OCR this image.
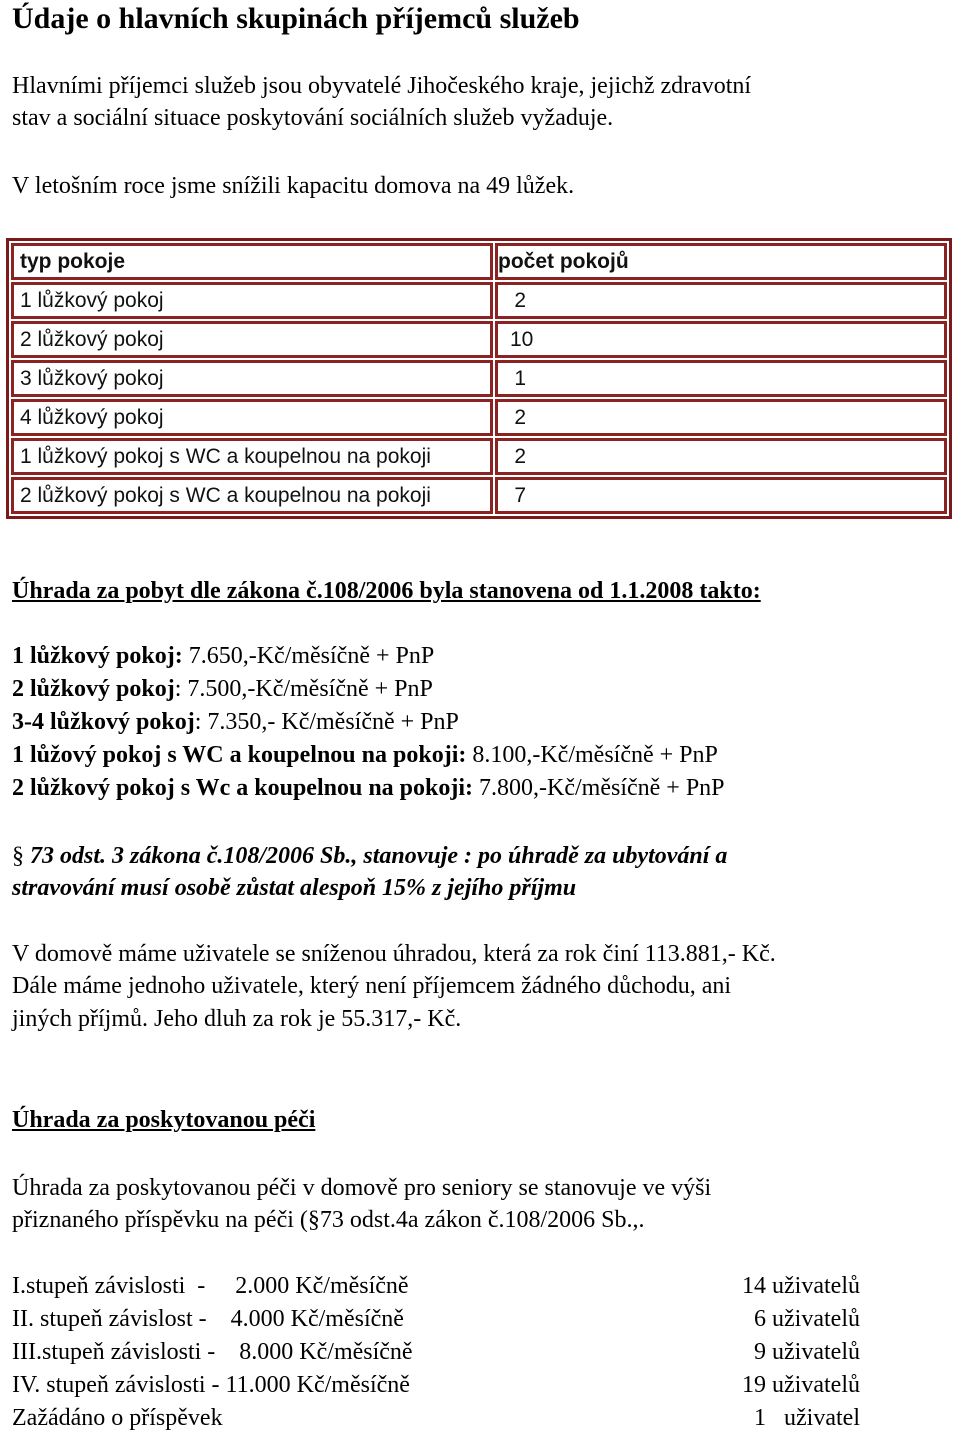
Údaje o hlavních skupinách příjemců služeb
Hlavními příjemci služeb jsou obyvatelé Jihočeského kraje, jejichž zdravotní
stav a sociální situace poskytování sociálních služeb vyžaduje.
V letošním roce jsme snížili kapacitu domova na 49 lůžek.
typ pokoje	počet pokojů
1 lůžkový pokoj	2
2 lůžkový pokoj	10
3 lůžkový pokoj	1
4 lůžkový pokoj	2
1 lůžkový pokoj s WC a koupelnou na pokoji	2
2 lůžkový pokoj s WC a koupelnou na pokoji	7
Úhrada za pobyt dle zákona č.108/2006 byla stanovena od 1.1.2008 takto:
1 lůžkový pokoj: 7.650,-Kč/měsíčně + PnP
2 lůžkový pokoj: 7.500,-Kč/měsíčně + PnP
3-4 lůžkový pokoj: 7.350,- Kč/měsíčně + PnP
1 lůžový pokoj s WC a koupelnou na pokoji: 8.100,-Kč/měsíčně + PnP
2 lůžkový pokoj s Wc a koupelnou na pokoji: 7.800,-Kč/měsíčně + PnP
§ 73 odst. 3 zákona č.108/2006 Sb., stanovuje : po úhradě za ubytování a
stravování musí osobě zůstat alespoň 15% z jejího příjmu
V domově máme uživatele se sníženou úhradou, která za rok činí 113.881,- Kč.
Dále máme jednoho uživatele, který není příjemcem žádného důchodu, ani
jiných příjmů. Jeho dluh za rok je 55.317,- Kč.
Úhrada za poskytovanou péči
Úhrada za poskytovanou péči v domově pro seniory se stanovuje ve výši
přiznaného příspěvku na péči (§73 odst.4a zákon č.108/2006 Sb.,.
I.stupeň závislosti  -     2.000 Kč/měsíčně	14 uživatelů
II. stupeň závislost -    4.000 Kč/měsíčně	6 uživatelů
III.stupeň závislosti -    8.000 Kč/měsíčně	9 uživatelů
IV. stupeň závislosti - 11.000 Kč/měsíčně	19 uživatelů
Zažádáno o příspěvek	1   uživatel
